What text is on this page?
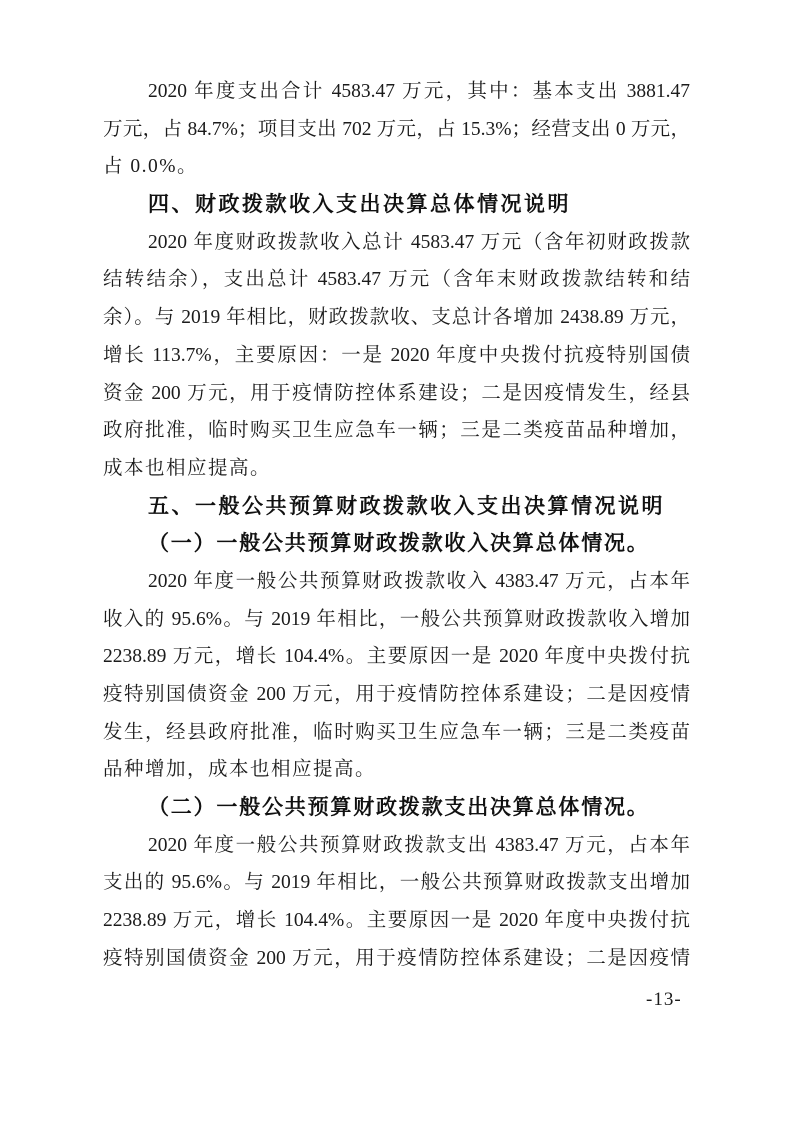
2020 年度支出合计 4583.47 万元，其中：基本支出 3881.47
万元，占 84.7%；项目支出 702 万元，占 15.3%；经营支出 0 万元，
占 0.0%。
四、财政拨款收入支出决算总体情况说明
2020 年度财政拨款收入总计 4583.47 万元（含年初财政拨款
结转结余），支出总计 4583.47 万元（含年末财政拨款结转和结
余）。与 2019 年相比，财政拨款收、支总计各增加 2438.89 万元，
增长 113.7%，主要原因：一是 2020 年度中央拨付抗疫特别国债
资金 200 万元，用于疫情防控体系建设；二是因疫情发生，经县
政府批准，临时购买卫生应急车一辆；三是二类疫苗品种增加，
成本也相应提高。
五、一般公共预算财政拨款收入支出决算情况说明
（一）一般公共预算财政拨款收入决算总体情况。
2020 年度一般公共预算财政拨款收入 4383.47 万元，占本年
收入的 95.6%。与 2019 年相比，一般公共预算财政拨款收入增加
2238.89 万元，增长 104.4%。主要原因一是 2020 年度中央拨付抗
疫特别国债资金 200 万元，用于疫情防控体系建设；二是因疫情
发生，经县政府批准，临时购买卫生应急车一辆；三是二类疫苗
品种增加，成本也相应提高。
（二）一般公共预算财政拨款支出决算总体情况。
2020 年度一般公共预算财政拨款支出 4383.47 万元，占本年
支出的 95.6%。与 2019 年相比，一般公共预算财政拨款支出增加
2238.89 万元，增长 104.4%。主要原因一是 2020 年度中央拨付抗
疫特别国债资金 200 万元，用于疫情防控体系建设；二是因疫情
-13-
